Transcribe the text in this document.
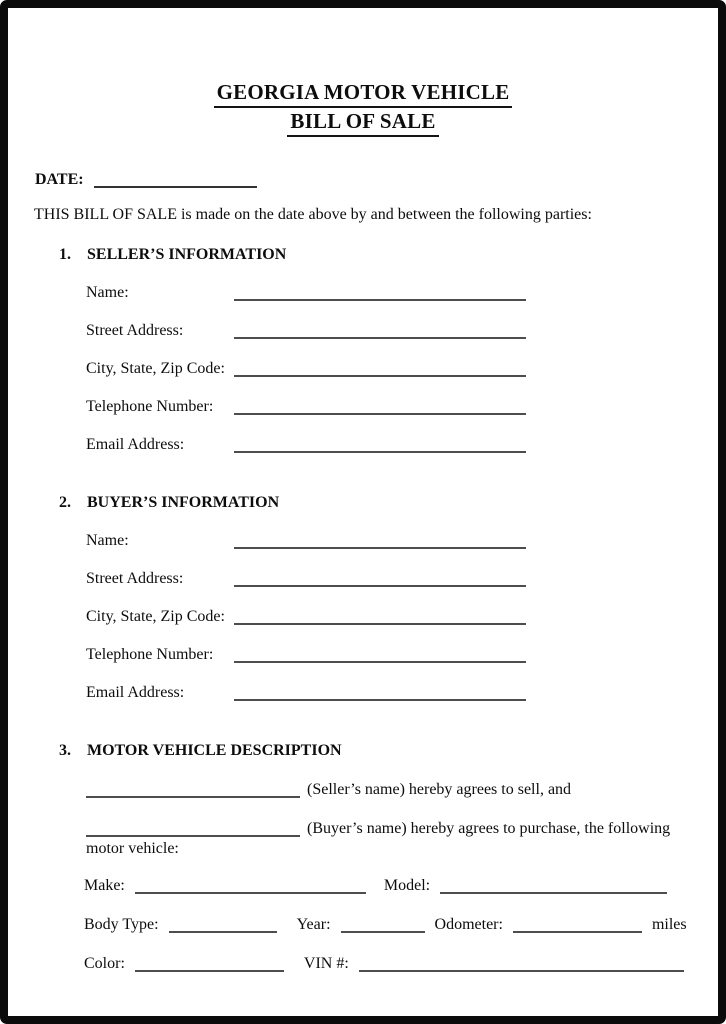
GEORGIA MOTOR VEHICLE
BILL OF SALE
DATE:
THIS BILL OF SALE is made on the date above by and between the following parties:
1. SELLER’S INFORMATION
Name:
Street Address:
City, State, Zip Code:
Telephone Number:
Email Address:
2. BUYER’S INFORMATION
Name:
Street Address:
City, State, Zip Code:
Telephone Number:
Email Address:
3. MOTOR VEHICLE DESCRIPTION
(Seller’s name) hereby agrees to sell, and
(Buyer’s name) hereby agrees to purchase, the following
motor vehicle:
Make:	Model:
Body Type:	Year:	Odometer:	miles
Color:	VIN #:
